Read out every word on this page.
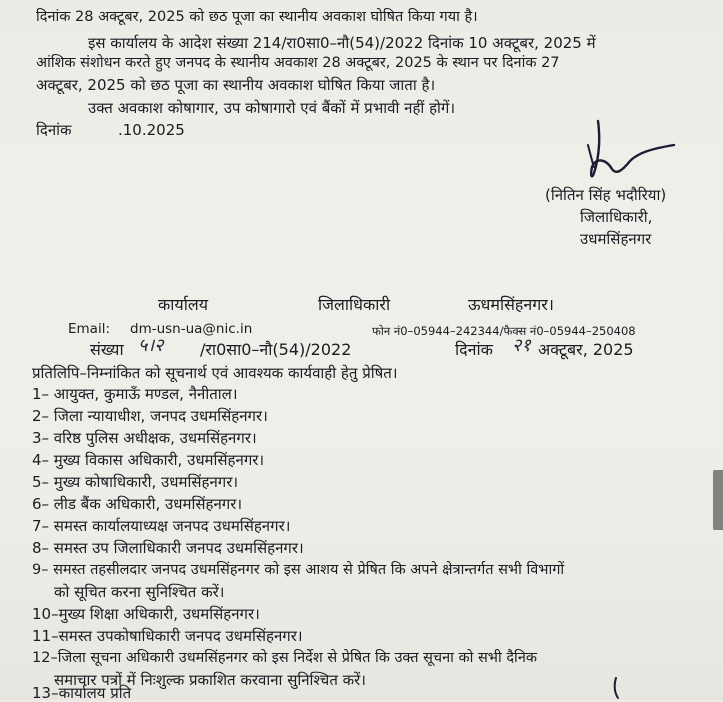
दिनांक 28 अक्टूबर, 2025 को छठ पूजा का स्थानीय अवकाश घोषित किया गया है।
इस कार्यालय के आदेश संख्या 214/रा0सा0–नौ(54)/2022 दिनांक 10 अक्टूबर, 2025 में
आंशिक संशोधन करते हुए जनपद के स्थानीय अवकाश 28 अक्टूबर, 2025 के स्थान पर दिनांक 27
अक्टूबर, 2025 को छठ पूजा का स्थानीय अवकाश घोषित किया जाता है।
उक्त अवकाश कोषागार, उप कोषागारो एवं बैंकों में प्रभावी नहीं होगें।
दिनांक	.10.2025
(नितिन सिंह भदौरिया)
जिलाधिकारी,
उधमसिंहनगर
कार्यालय	जिलाधिकारी	ऊधमसिंहनगर।
Email: dm-usn-ua@nic.in	फोन नं0–05944–242344/फैक्स नं0–05944–250408
संख्या ५।२ /रा0सा0–नौ(54)/2022	दिनांक २१ अक्टूबर, 2025
प्रतिलिपि–निम्नांकित को सूचनार्थ एवं आवश्यक कार्यवाही हेतु प्रेषित।
1– आयुक्त, कुमाऊँ मण्डल, नैनीताल।
2– जिला न्यायाधीश, जनपद उधमसिंहनगर।
3– वरिष्ठ पुलिस अधीक्षक, उधमसिंहनगर।
4– मुख्य विकास अधिकारी, उधमसिंहनगर।
5– मुख्य कोषाधिकारी, उधमसिंहनगर।
6– लीड बैंक अधिकारी, उधमसिंहनगर।
7– समस्त कार्यालयाध्यक्ष जनपद उधमसिंहनगर।
8– समस्त उप जिलाधिकारी जनपद उधमसिंहनगर।
9– समस्त तहसीलदार जनपद उधमसिंहनगर को इस आशय से प्रेषित कि अपने क्षेत्रान्तर्गत सभी विभागों
को सूचित करना सुनिश्चित करें।
10–मुख्य शिक्षा अधिकारी, उधमसिंहनगर।
11–समस्त उपकोषाधिकारी जनपद उधमसिंहनगर।
12–जिला सूचना अधिकारी उधमसिंहनगर को इस निर्देश से प्रेषित कि उक्त सूचना को सभी दैनिक
समाचार पत्रों में निःशुल्क प्रकाशित करवाना सुनिश्चित करें।
13–कार्यालय प्रति
